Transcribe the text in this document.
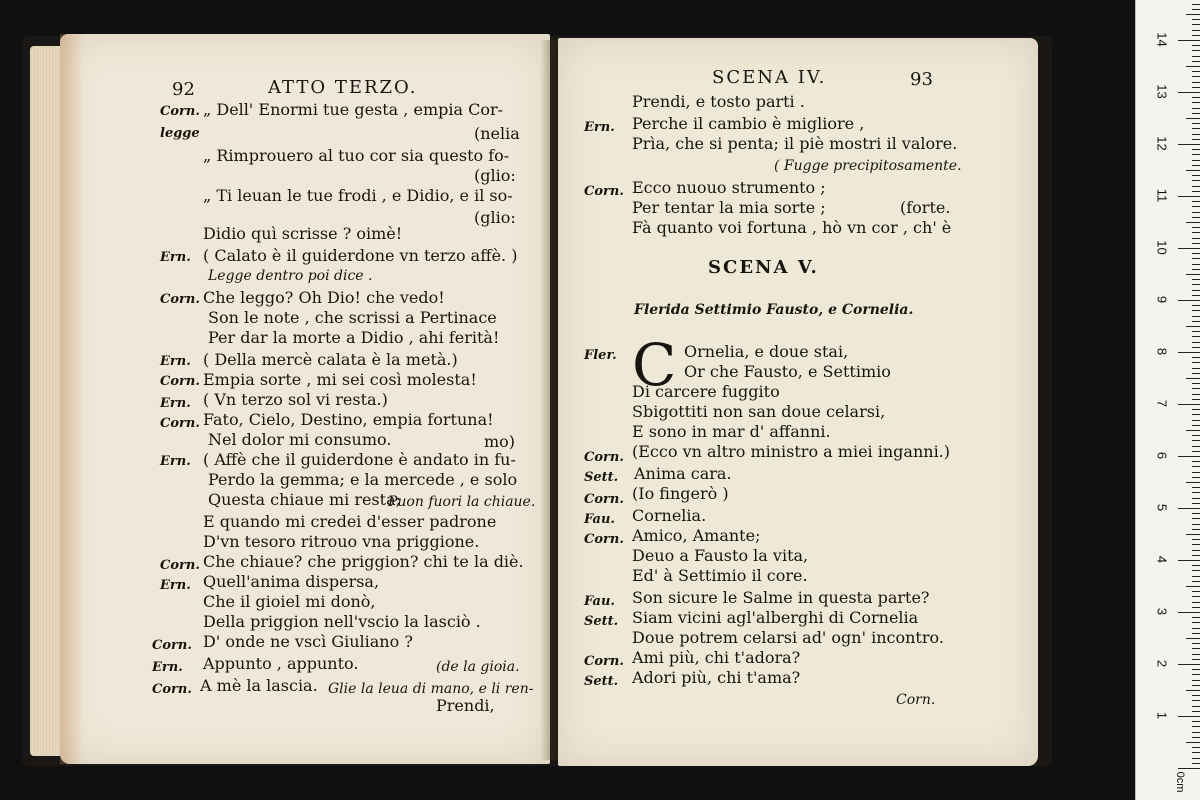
92	ATTO TERZO.
Corn. „ Dell' Enormi tue gesta , empia Cor-
legge	(nelia
„ Rimprouero al tuo cor sia questo fo-
(glio:
„ Ti leuan le tue frodi , e Didio, e il so-
(glio:
Didio quì scrisse ? oimè!
Ern. ( Calato è il guiderdone vn terzo affè. )
Legge dentro poi dice .
Corn. Che leggo? Oh Dio! che vedo!
Son le note , che scrissi a Pertinace
Per dar la morte a Didio , ahi ferità!
Ern. ( Della mercè calata è la metà.)
Corn. Empia sorte , mi sei così molesta!
Ern. ( Vn terzo sol vi resta.)
Corn. Fato, Cielo, Destino, empia fortuna!
Nel dolor mi consumo.	mo)
Ern. ( Affè che il guiderdone è andato in fu-
Perdo la gemma; e la mercede , e solo
Questa chiaue mi resta;
Puon fuori la chiaue.
E quando mi credei d'esser padrone
D'vn tesoro ritrouo vna priggione.
Corn. Che chiaue? che priggion? chi te la diè.
Ern. Quell'anima dispersa,
Che il gioiel mi donò,
Della priggion nell'vscio la lasciò .
Corn. D' onde ne vscì Giuliano ?
Ern. Appunto , appunto.	(de la gioia.
Corn. A mè la lascia. Glie la leua di mano, e li ren-
Prendi,
SCENA IV.	93
Prendi, e tosto parti .
Ern. Perche il cambio è migliore ,
Prìa, che si penta; il piè mostri il valore.
( Fugge precipitosamente.
Corn. Ecco nuouo strumento ;
Per tentar la mia sorte ;	(forte.
Fà quanto voi fortuna , hò vn cor , ch' è
SCENA V.
Flerida Settimio Fausto, e Cornelia.
Fler. C Ornelia, e doue stai,
Or che Fausto, e Settimio
Di carcere fuggito
Sbigottiti non san doue celarsi,
E sono in mar d' affanni.
Corn. (Ecco vn altro ministro a miei inganni.)
Sett. Anima cara.
Corn. (Io fingerò )
Fau. Cornelia.
Corn. Amico, Amante;
Deuo a Fausto la vita,
Ed' à Settimio il core.
Fau. Son sicure le Salme in questa parte?
Sett. Siam vicini agl'alberghi di Cornelia
Doue potrem celarsi ad' ogn' incontro.
Corn. Ami più, chi t'adora?
Sett. Adori più, chi t'ama?
Corn.
0cm
1
2
3
4
5
6
7
8
9
10
11
12
13
14
